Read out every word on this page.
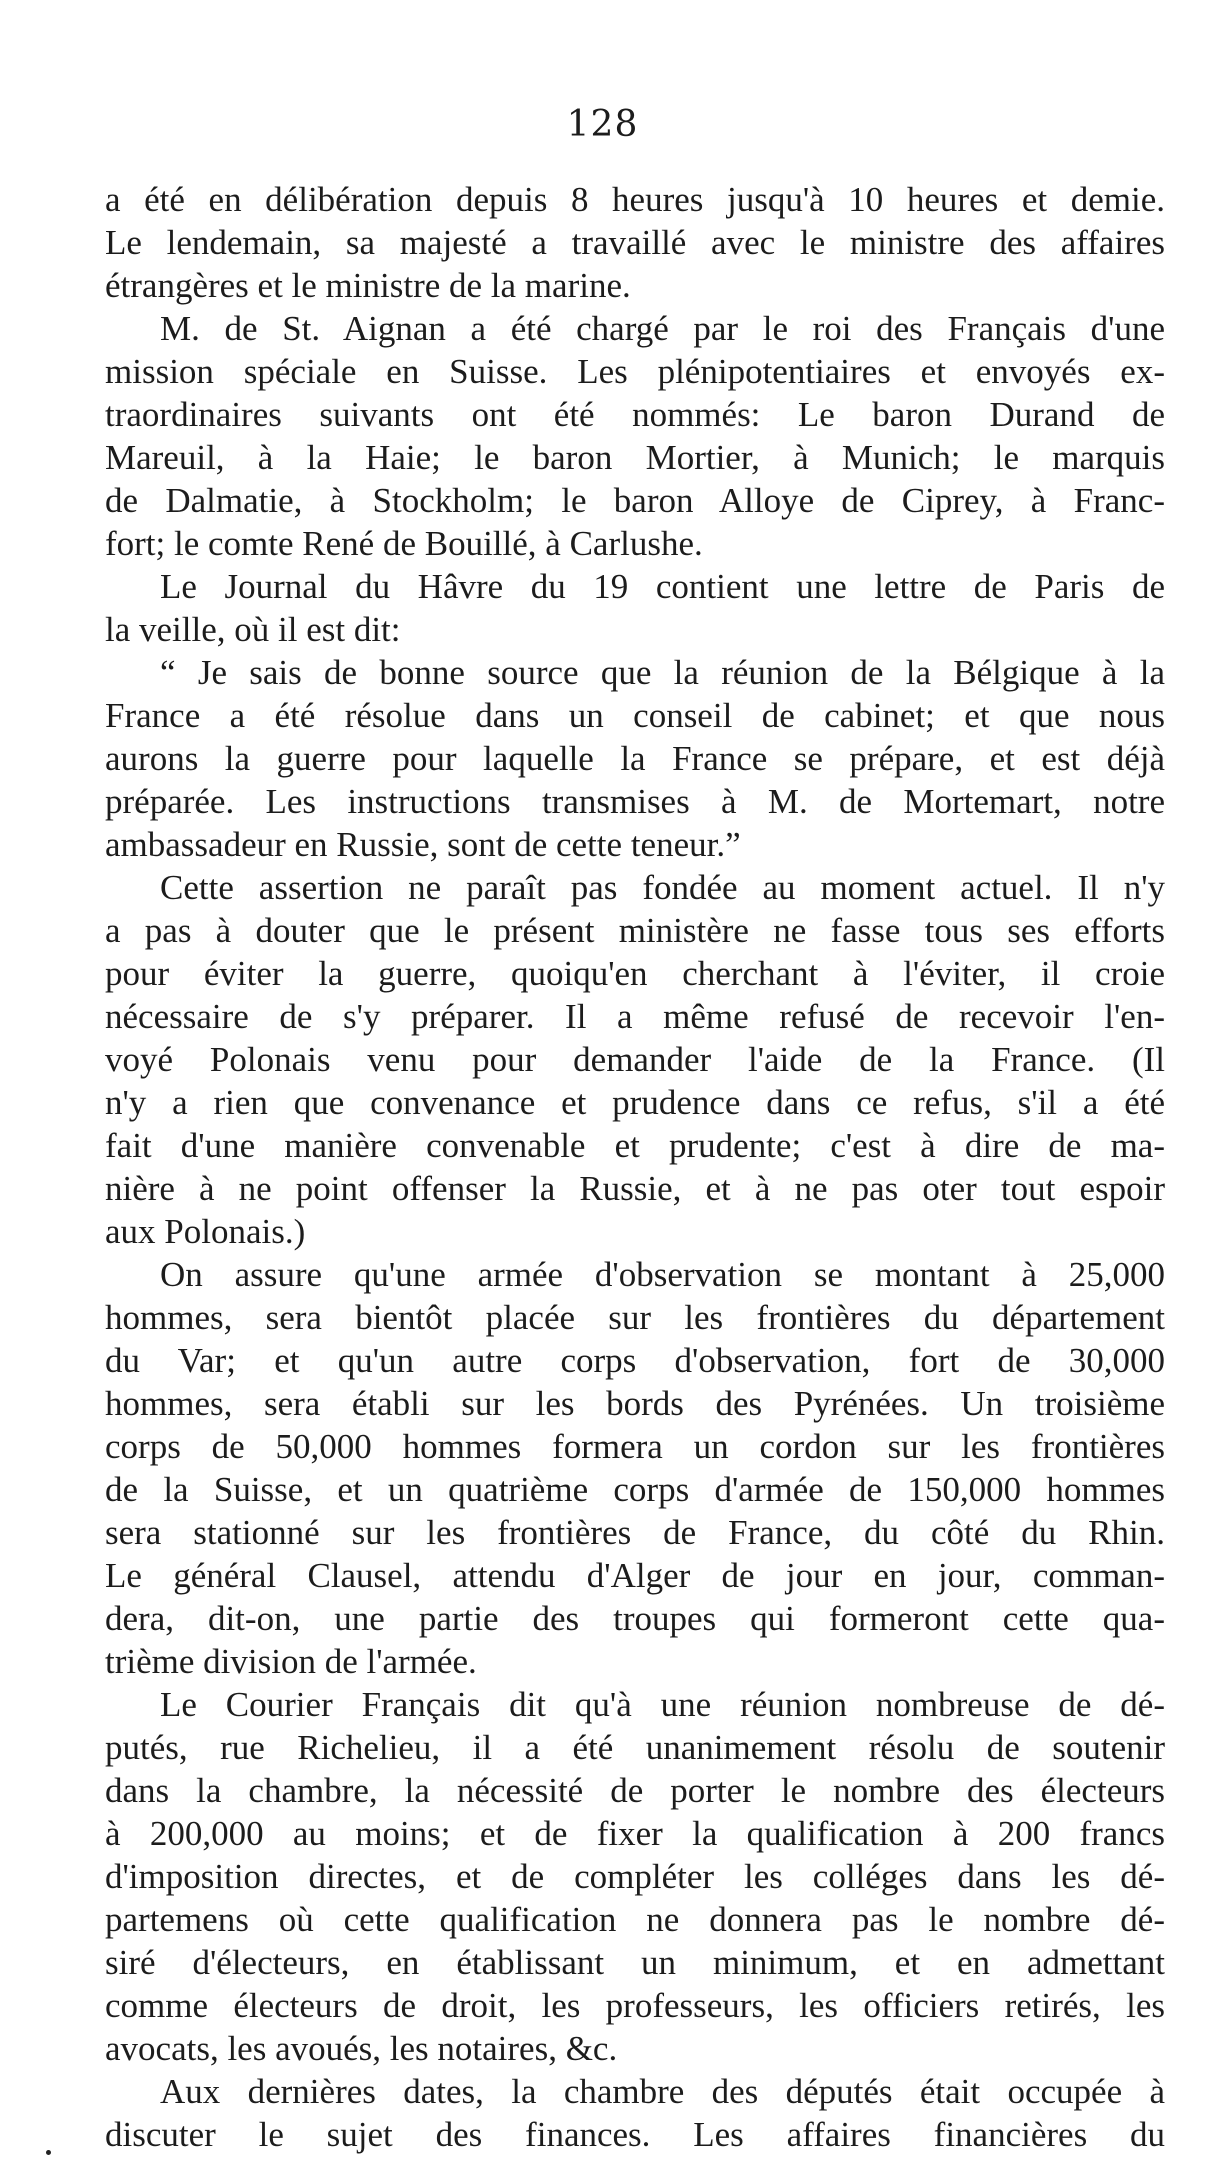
128
a été en délibération depuis 8 heures jusqu'à 10 heures et demie.
Le lendemain, sa majesté a travaillé avec le ministre des affaires
étrangères et le ministre de la marine.
M. de St. Aignan a été chargé par le roi des Français d'une
mission spéciale en Suisse. Les plénipotentiaires et envoyés ex-
traordinaires suivants ont été nommés: Le baron Durand de
Mareuil, à la Haie; le baron Mortier, à Munich; le marquis
de Dalmatie, à Stockholm; le baron Alloye de Ciprey, à Franc-
fort; le comte René de Bouillé, à Carlushe.
Le Journal du Hâvre du 19 contient une lettre de Paris de
la veille, où il est dit:
“ Je sais de bonne source que la réunion de la Bélgique à la
France a été résolue dans un conseil de cabinet; et que nous
aurons la guerre pour laquelle la France se prépare, et est déjà
préparée. Les instructions transmises à M. de Mortemart, notre
ambassadeur en Russie, sont de cette teneur.”
Cette assertion ne paraît pas fondée au moment actuel. Il n'y
a pas à douter que le présent ministère ne fasse tous ses efforts
pour éviter la guerre, quoiqu'en cherchant à l'éviter, il croie
nécessaire de s'y préparer. Il a même refusé de recevoir l'en-
voyé Polonais venu pour demander l'aide de la France. (Il
n'y a rien que convenance et prudence dans ce refus, s'il a été
fait d'une manière convenable et prudente; c'est à dire de ma-
nière à ne point offenser la Russie, et à ne pas oter tout espoir
aux Polonais.)
On assure qu'une armée d'observation se montant à 25,000
hommes, sera bientôt placée sur les frontières du département
du Var; et qu'un autre corps d'observation, fort de 30,000
hommes, sera établi sur les bords des Pyrénées. Un troisième
corps de 50,000 hommes formera un cordon sur les frontières
de la Suisse, et un quatrième corps d'armée de 150,000 hommes
sera stationné sur les frontières de France, du côté du Rhin.
Le général Clausel, attendu d'Alger de jour en jour, comman-
dera, dit-on, une partie des troupes qui formeront cette qua-
trième division de l'armée.
Le Courier Français dit qu'à une réunion nombreuse de dé-
putés, rue Richelieu, il a été unanimement résolu de soutenir
dans la chambre, la nécessité de porter le nombre des électeurs
à 200,000 au moins; et de fixer la qualification à 200 francs
d'imposition directes, et de compléter les colléges dans les dé-
partemens où cette qualification ne donnera pas le nombre dé-
siré d'électeurs, en établissant un minimum, et en admettant
comme électeurs de droit, les professeurs, les officiers retirés, les
avocats, les avoués, les notaires, &c.
Aux dernières dates, la chambre des députés était occupée à
discuter le sujet des finances. Les affaires financières du
